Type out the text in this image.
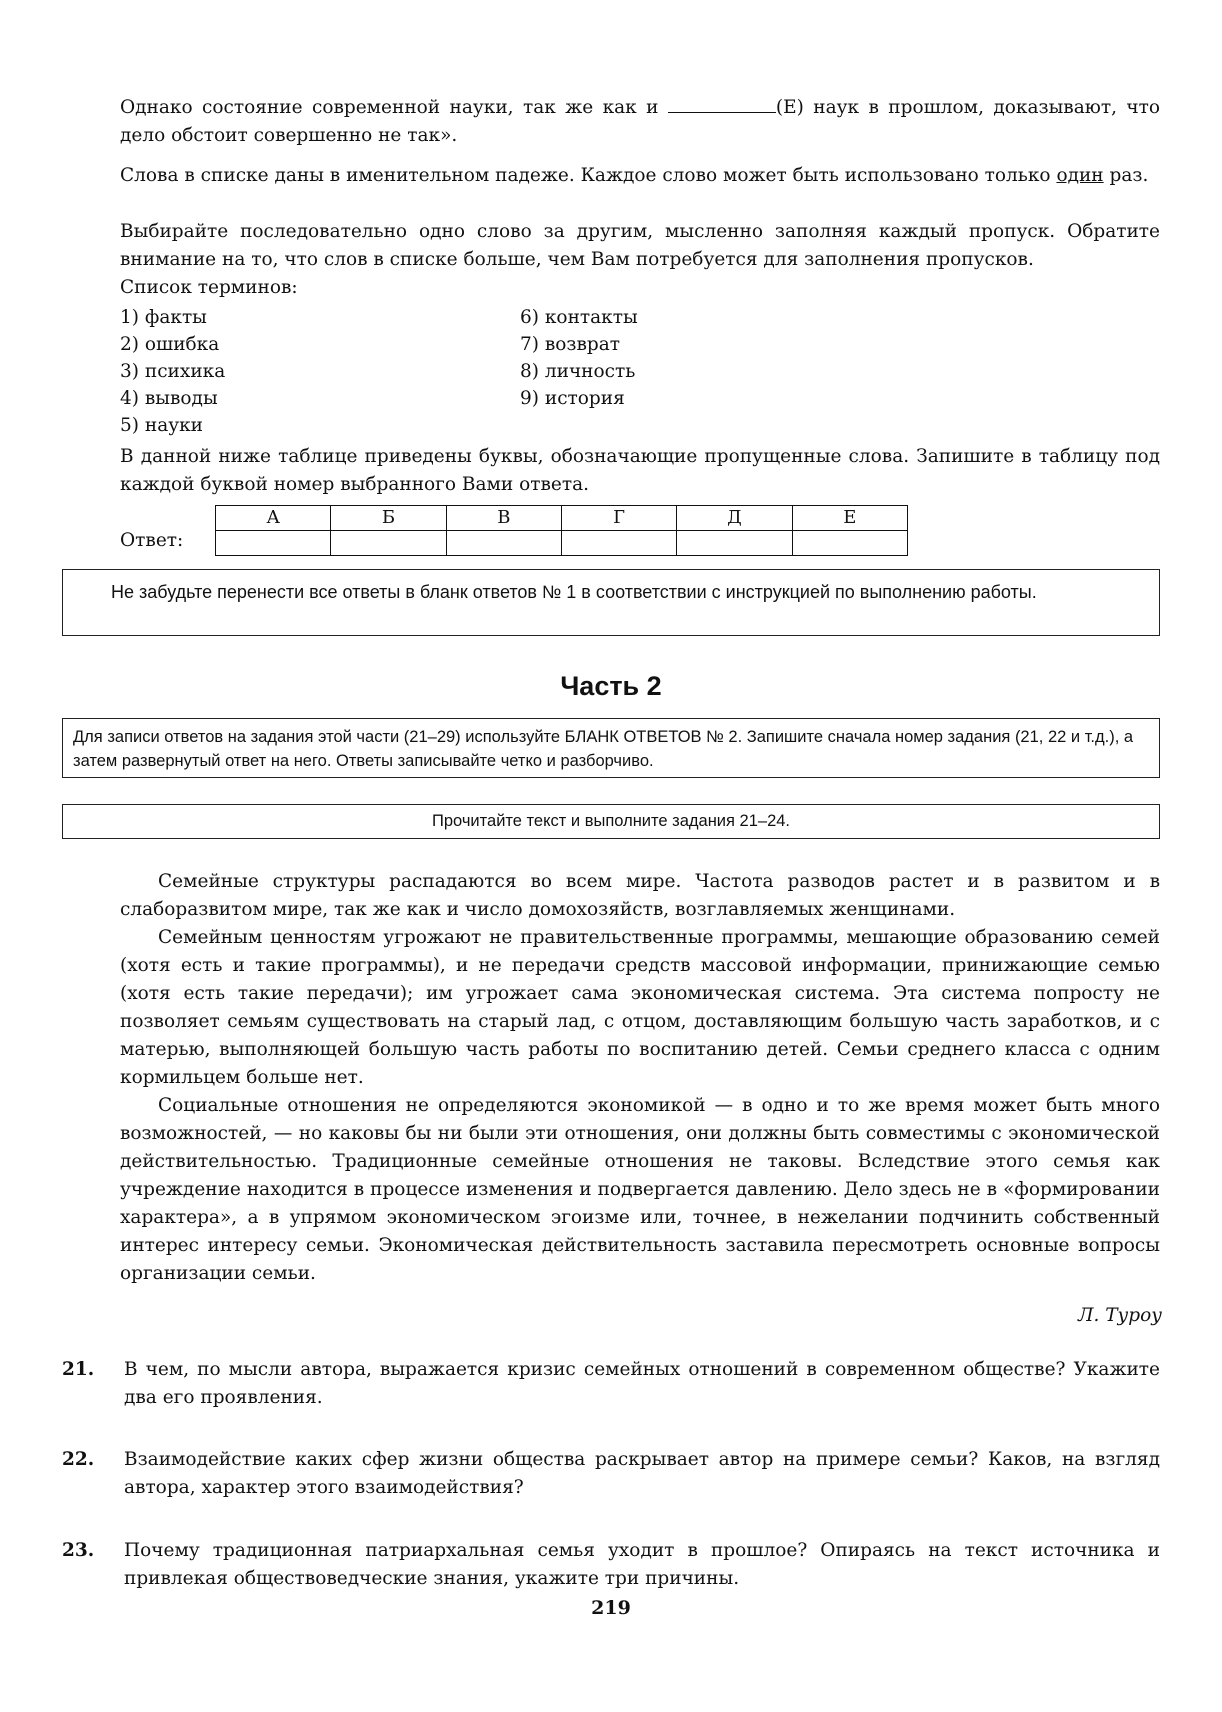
Однако состояние современной науки, так же как и	(Е) наук в прошлом, доказывают, что дело обстоит совершенно не так».
Слова в списке даны в именительном падеже. Каждое слово может быть использовано только один раз.
Выбирайте последовательно одно слово за другим, мысленно заполняя каждый пропуск. Обратите внимание на то, что слов в списке больше, чем Вам потребуется для заполнения пропусков.
Список терминов:
1) факты
2) ошибка
3) психика
4) выводы
5) науки
6) контакты
7) возврат
8) личность
9) история
В данной ниже таблице приведены буквы, обозначающие пропущенные слова. Запишите в таблицу под каждой буквой номер выбранного Вами ответа.
Ответ:
А	Б	В	Г	Д	Е

Не забудьте перенести все ответы в бланк ответов № 1 в соответствии с инструкцией по выполнению работы.
Часть 2
Для записи ответов на задания этой части (21–29) используйте БЛАНК ОТВЕТОВ № 2. Запишите сначала номер задания (21, 22 и т.д.), а затем развернутый ответ на него. Ответы записывайте четко и разборчиво.
Прочитайте текст и выполните задания 21–24.

Семейные структуры распадаются во всем мире. Частота разводов растет и в развитом и в слаборазвитом мире, так же как и число домохозяйств, возглавляемых женщинами.

Семейным ценностям угрожают не правительственные программы, мешающие образованию семей (хотя есть и такие программы), и не передачи средств массовой информации, принижающие семью (хотя есть такие передачи); им угрожает сама экономическая система. Эта система попросту не позволяет семьям существовать на старый лад, с отцом, доставляющим большую часть заработков, и с матерью, выполняющей большую часть работы по воспитанию детей. Семьи среднего класса с одним кормильцем больше нет.

Социальные отношения не определяются экономикой — в одно и то же время может быть много возможностей, — но каковы бы ни были эти отношения, они должны быть совместимы с экономической действительностью. Традиционные семейные отношения не таковы. Вследствие этого семья как учреждение находится в процессе изменения и подвергается давлению. Дело здесь не в «формировании характера», а в упрямом экономическом эгоизме или, точнее, в нежелании подчинить собственный интерес интересу семьи. Экономическая действительность заставила пересмотреть основные вопросы организации семьи.

Л. Туроу
21. В чем, по мысли автора, выражается кризис семейных отношений в современном обществе? Укажите два его проявления.
22. Взаимодействие каких сфер жизни общества раскрывает автор на примере семьи? Каков, на взгляд автора, характер этого взаимодействия?
23. Почему традиционная патриархальная семья уходит в прошлое? Опираясь на текст источника и привлекая обществоведческие знания, укажите три причины.
219
